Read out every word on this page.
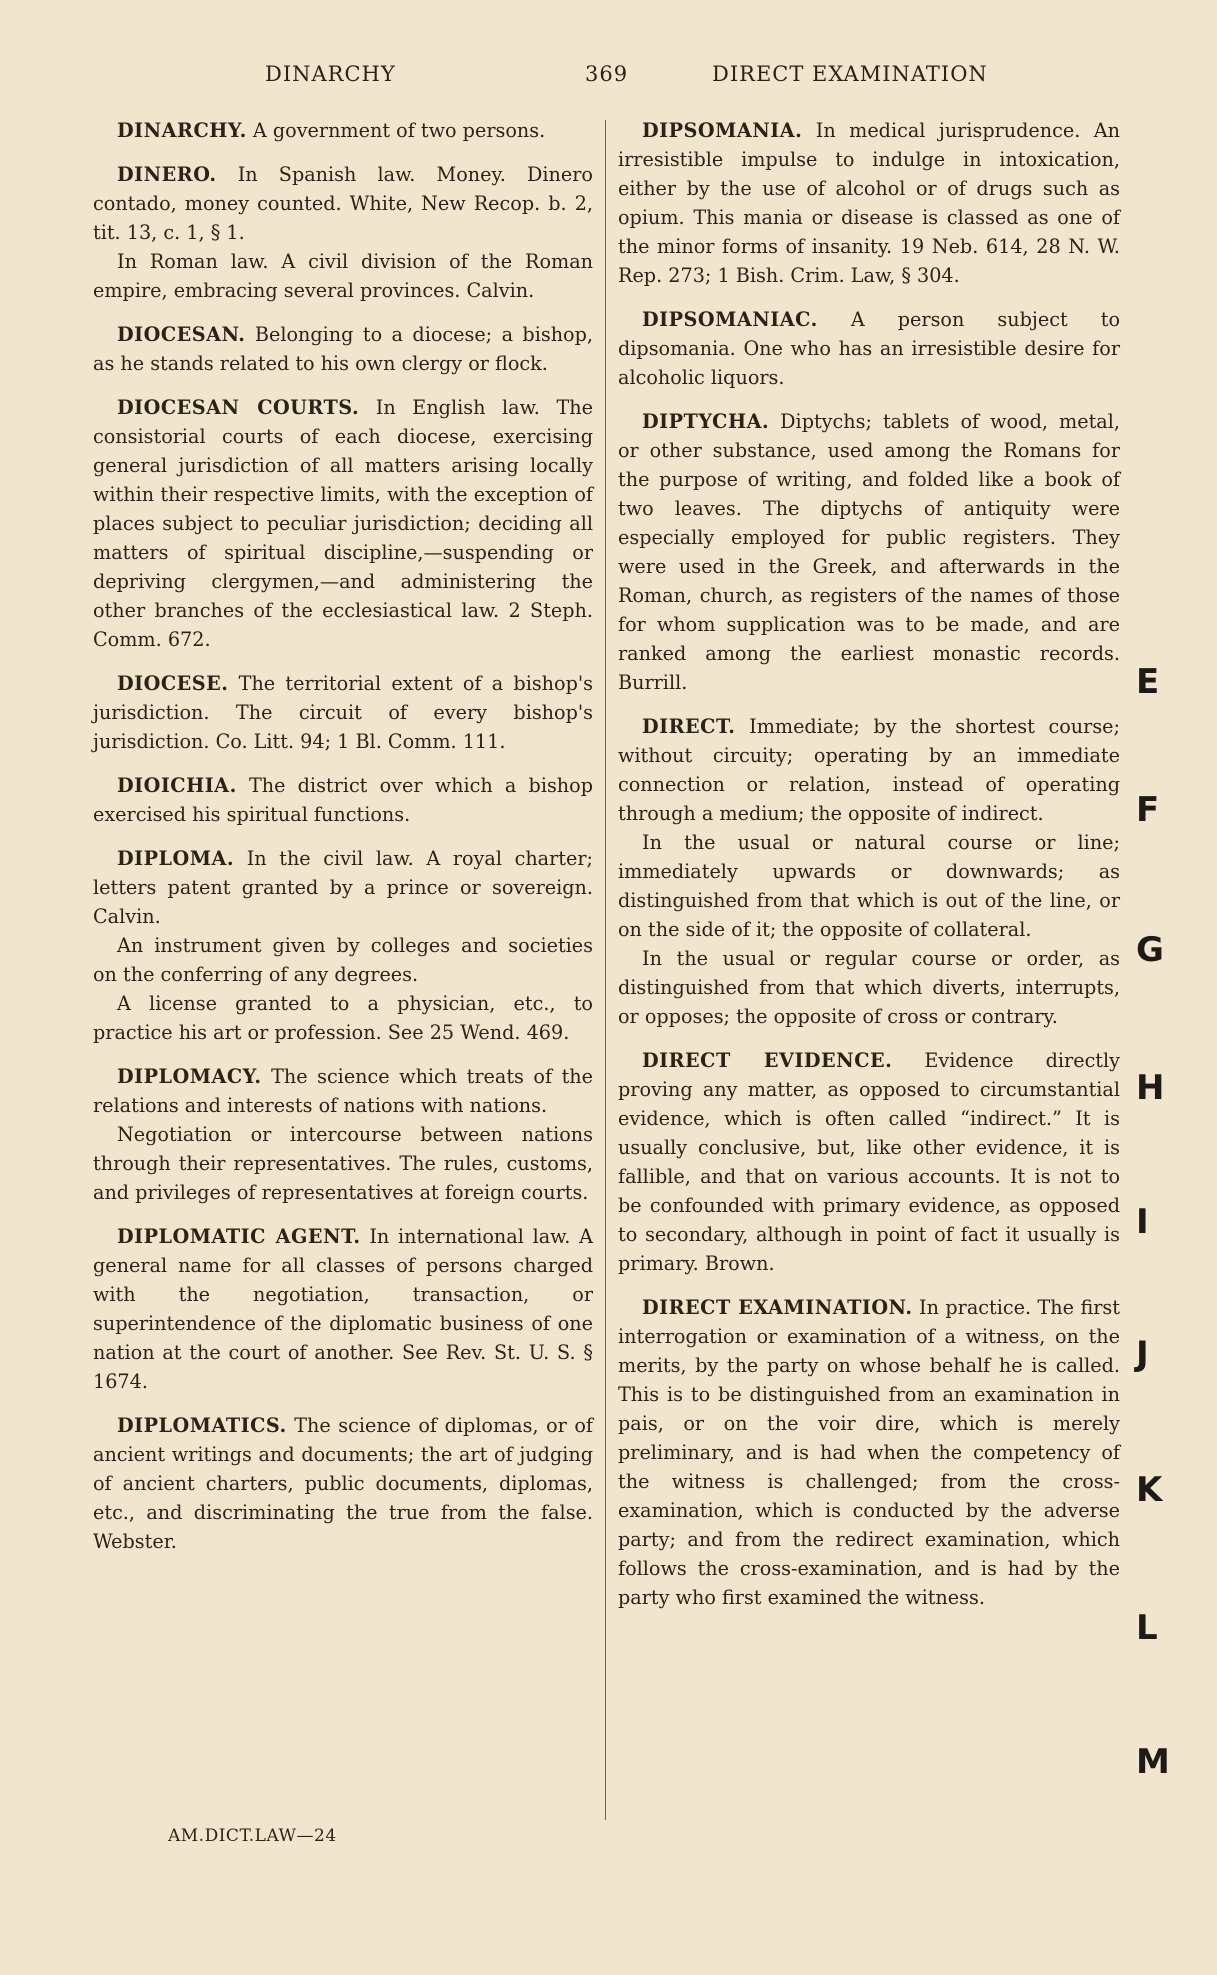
DINARCHY	369	DIRECT EXAMINATION

DINARCHY. A government of two persons.

DINERO. In Spanish law. Money. Dinero contado, money counted. White, New Recop. b. 2, tit. 13, c. 1, § 1.

In Roman law. A civil division of the Roman empire, embracing several provinces. Calvin.

DIOCESAN. Belonging to a diocese; a bishop, as he stands related to his own clergy or flock.

DIOCESAN COURTS. In English law. The consistorial courts of each diocese, exercising general jurisdiction of all matters arising locally within their respective limits, with the exception of places subject to peculiar jurisdiction; deciding all matters of spiritual discipline,—suspending or depriving clergymen,—and administering the other branches of the ecclesiastical law. 2 Steph. Comm. 672.

DIOCESE. The territorial extent of a bishop's jurisdiction. The circuit of every bishop's jurisdiction. Co. Litt. 94; 1 Bl. Comm. 111.

DIOICHIA. The district over which a bishop exercised his spiritual functions.

DIPLOMA. In the civil law. A royal charter; letters patent granted by a prince or sovereign. Calvin.

An instrument given by colleges and societies on the conferring of any degrees.

A license granted to a physician, etc., to practice his art or profession. See 25 Wend. 469.

DIPLOMACY. The science which treats of the relations and interests of nations with nations.

Negotiation or intercourse between nations through their representatives. The rules, customs, and privileges of representatives at foreign courts.

DIPLOMATIC AGENT. In international law. A general name for all classes of persons charged with the negotiation, transaction, or superintendence of the diplomatic business of one nation at the court of another. See Rev. St. U. S. § 1674.

DIPLOMATICS. The science of diplomas, or of ancient writings and documents; the art of judging of ancient charters, public documents, diplomas, etc., and discriminating the true from the false. Webster.

DIPSOMANIA. In medical jurisprudence. An irresistible impulse to indulge in intoxication, either by the use of alcohol or of drugs such as opium. This mania or disease is classed as one of the minor forms of insanity. 19 Neb. 614, 28 N. W. Rep. 273; 1 Bish. Crim. Law, § 304.

DIPSOMANIAC. A person subject to dipsomania. One who has an irresistible desire for alcoholic liquors.

DIPTYCHA. Diptychs; tablets of wood, metal, or other substance, used among the Romans for the purpose of writing, and folded like a book of two leaves. The diptychs of antiquity were especially employed for public registers. They were used in the Greek, and afterwards in the Roman, church, as registers of the names of those for whom supplication was to be made, and are ranked among the earliest monastic records. Burrill.

DIRECT. Immediate; by the shortest course; without circuity; operating by an immediate connection or relation, instead of operating through a medium; the opposite of indirect.

In the usual or natural course or line; immediately upwards or downwards; as distinguished from that which is out of the line, or on the side of it; the opposite of collateral.

In the usual or regular course or order, as distinguished from that which diverts, interrupts, or opposes; the opposite of cross or contrary.

DIRECT EVIDENCE. Evidence directly proving any matter, as opposed to circumstantial evidence, which is often called “indirect.” It is usually conclusive, but, like other evidence, it is fallible, and that on various accounts. It is not to be confounded with primary evidence, as opposed to secondary, although in point of fact it usually is primary. Brown.

DIRECT EXAMINATION. In practice. The first interrogation or examination of a witness, on the merits, by the party on whose behalf he is called. This is to be distinguished from an examination in pais, or on the voir dire, which is merely preliminary, and is had when the competency of the witness is challenged; from the cross-examination, which is conducted by the adverse party; and from the redirect examination, which follows the cross-examination, and is had by the party who first examined the witness.

AM.DICT.LAW—24
E
F
G
H
I
J
K
L
M
